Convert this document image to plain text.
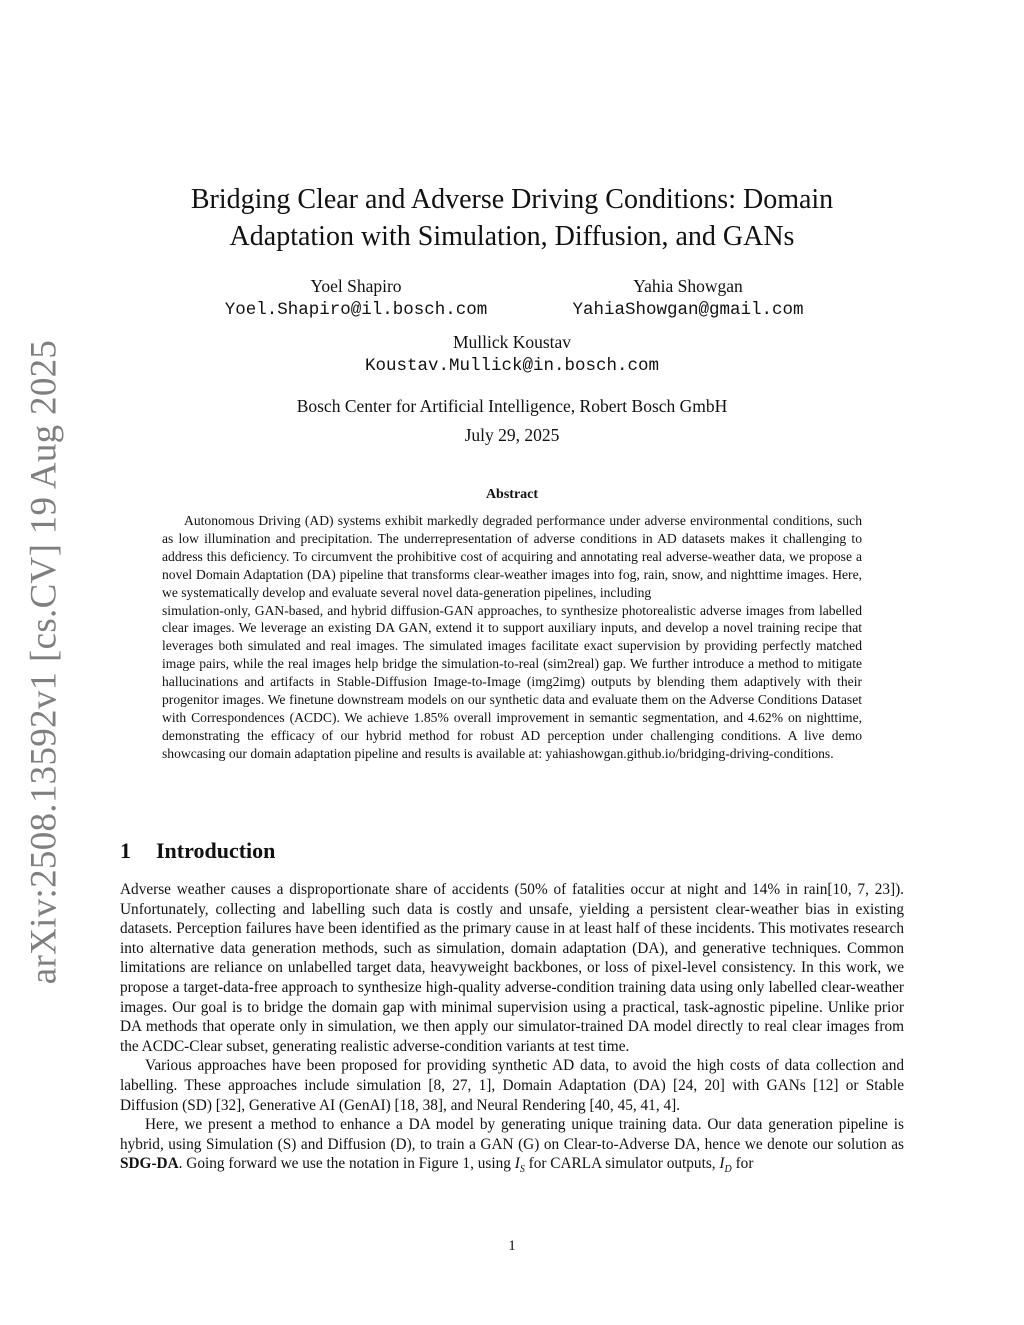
arXiv:2508.13592v1 [cs.CV] 19 Aug 2025
Bridging Clear and Adverse Driving Conditions: Domain Adaptation with Simulation, Diffusion, and GANs
Yoel Shapiro
Yoel.Shapiro@il.bosch.com
Yahia Showgan
YahiaShowgan@gmail.com
Mullick Koustav
Koustav.Mullick@in.bosch.com
Bosch Center for Artificial Intelligence, Robert Bosch GmbH
July 29, 2025
Abstract

Autonomous Driving (AD) systems exhibit markedly degraded performance under adverse environmental conditions, such as low illumination and precipitation. The underrepresentation of adverse conditions in AD datasets makes it challenging to address this deficiency. To circumvent the prohibitive cost of acquiring and annotating real adverse-weather data, we propose a novel Domain Adaptation (DA) pipeline that transforms clear-weather images into fog, rain, snow, and nighttime images. Here, we systematically develop and evaluate several novel data-generation pipelines, including

simulation-only, GAN-based, and hybrid diffusion-GAN approaches, to synthesize photorealistic adverse images from labelled clear images. We leverage an existing DA GAN, extend it to support auxiliary inputs, and develop a novel training recipe that leverages both simulated and real images. The simulated images facilitate exact supervision by providing perfectly matched image pairs, while the real images help bridge the simulation-to-real (sim2real) gap. We further introduce a method to mitigate hallucinations and artifacts in Stable-Diffusion Image-to-Image (img2img) outputs by blending them adaptively with their progenitor images. We finetune downstream models on our synthetic data and evaluate them on the Adverse Conditions Dataset with Correspondences (ACDC). We achieve 1.85% overall improvement in semantic segmentation, and 4.62% on nighttime, demonstrating the efficacy of our hybrid method for robust AD perception under challenging conditions. A live demo showcasing our domain adaptation pipeline and results is available at: yahiashowgan.github.io/bridging-driving-conditions.

1 Introduction

Adverse weather causes a disproportionate share of accidents (50% of fatalities occur at night and 14% in rain[10, 7, 23]). Unfortunately, collecting and labelling such data is costly and unsafe, yielding a persistent clear-weather bias in existing datasets. Perception failures have been identified as the primary cause in at least half of these incidents. This motivates research into alternative data generation methods, such as simulation, domain adaptation (DA), and generative techniques. Common limitations are reliance on unlabelled target data, heavyweight backbones, or loss of pixel-level consistency. In this work, we propose a target-data-free approach to synthesize high-quality adverse-condition training data using only labelled clear-weather images. Our goal is to bridge the domain gap with minimal supervision using a practical, task-agnostic pipeline. Unlike prior DA methods that operate only in simulation, we then apply our simulator-trained DA model directly to real clear images from the ACDC-Clear subset, generating realistic adverse-condition variants at test time.

Various approaches have been proposed for providing synthetic AD data, to avoid the high costs of data collection and labelling. These approaches include simulation [8, 27, 1], Domain Adaptation (DA) [24, 20] with GANs [12] or Stable Diffusion (SD) [32], Generative AI (GenAI) [18, 38], and Neural Rendering [40, 45, 41, 4].

Here, we present a method to enhance a DA model by generating unique training data. Our data generation pipeline is hybrid, using Simulation (S) and Diffusion (D), to train a GAN (G) on Clear-to-Adverse DA, hence we denote our solution as SDG-DA. Going forward we use the notation in Figure 1, using $I_S$ for CARLA simulator outputs, $I_D$ for

1
